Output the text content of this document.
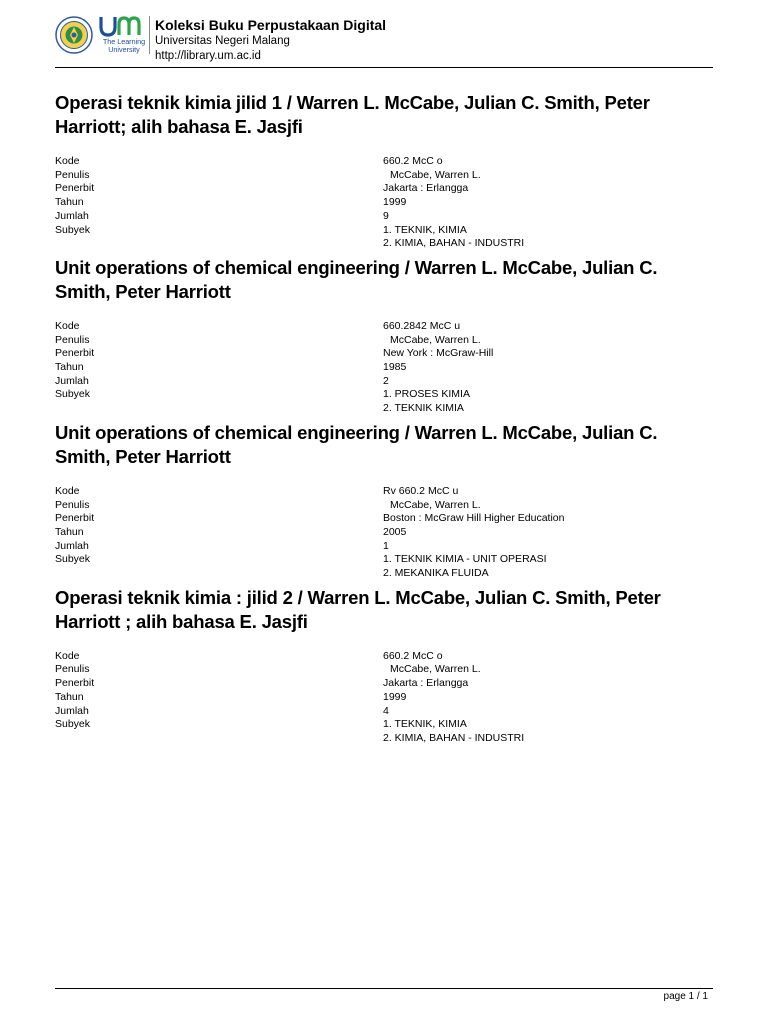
The Learning
University
Koleksi Buku Perpustakaan Digital
Universitas Negeri Malang
http://library.um.ac.id
Operasi teknik kimia jilid 1 / Warren L. McCabe, Julian C. Smith, Peter Harriott; alih bahasa E. Jasjfi
Kode	660.2 McC o
Penulis	McCabe, Warren L.
Penerbit	Jakarta : Erlangga
Tahun	1999
Jumlah	9
Subyek	1. TEKNIK, KIMIA
2. KIMIA, BAHAN - INDUSTRI
Unit operations of chemical engineering / Warren L. McCabe, Julian C. Smith, Peter Harriott
Kode	660.2842 McC u
Penulis	McCabe, Warren L.
Penerbit	New York : McGraw-Hill
Tahun	1985
Jumlah	2
Subyek	1. PROSES KIMIA
2. TEKNIK KIMIA
Unit operations of chemical engineering / Warren L. McCabe, Julian C. Smith, Peter Harriott
Kode	Rv 660.2 McC u
Penulis	McCabe, Warren L.
Penerbit	Boston : McGraw Hill Higher Education
Tahun	2005
Jumlah	1
Subyek	1. TEKNIK KIMIA - UNIT OPERASI
2. MEKANIKA FLUIDA
Operasi teknik kimia : jilid 2 / Warren L. McCabe, Julian C. Smith, Peter Harriott ; alih bahasa E. Jasjfi
Kode	660.2 McC o
Penulis	McCabe, Warren L.
Penerbit	Jakarta : Erlangga
Tahun	1999
Jumlah	4
Subyek	1. TEKNIK, KIMIA
2. KIMIA, BAHAN - INDUSTRI
page 1 / 1
